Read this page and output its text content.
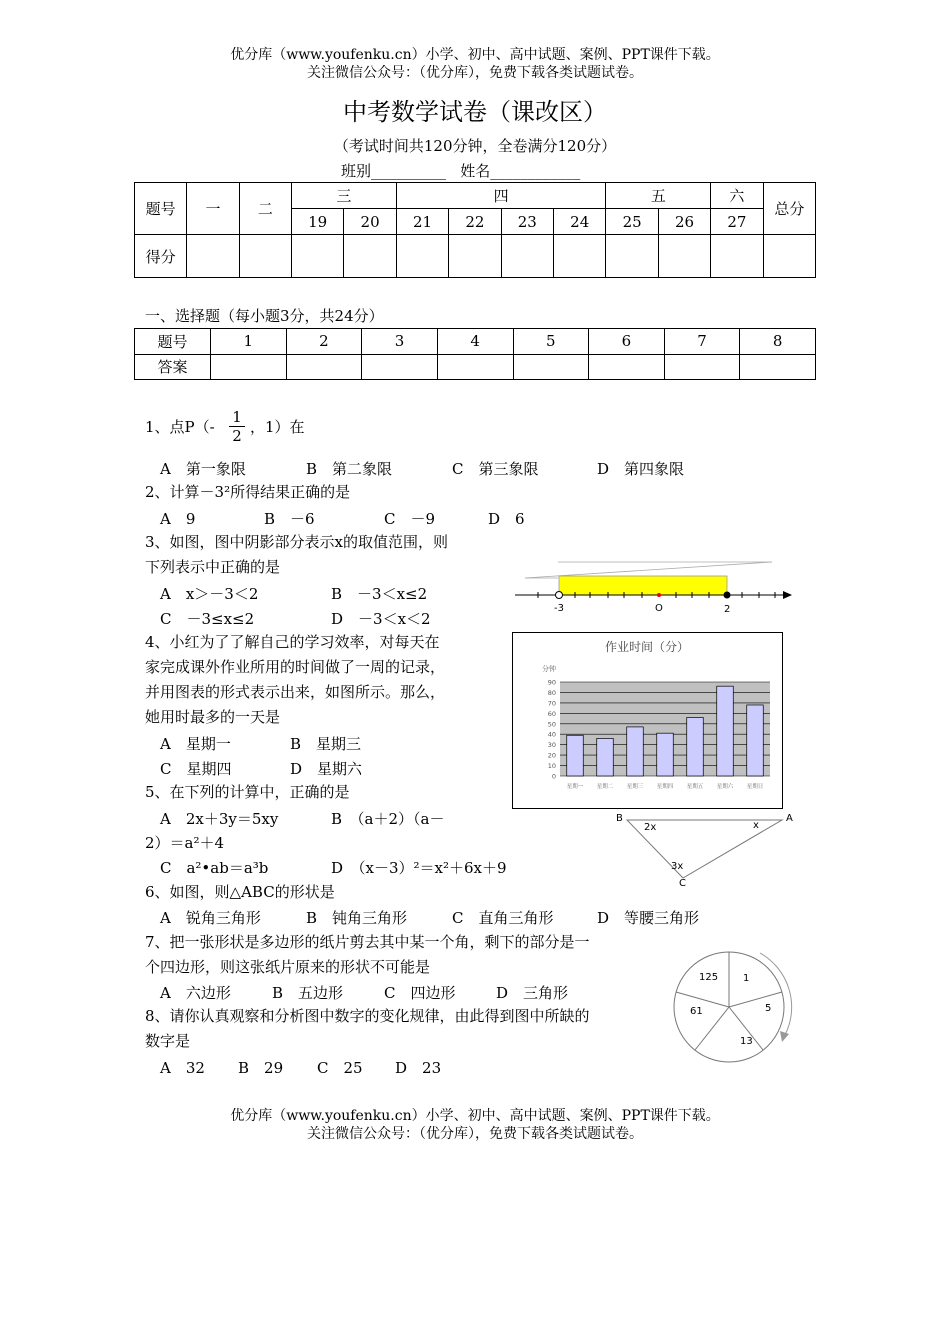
优分库（www.youfenku.cn）小学、初中、高中试题、案例、PPT课件下载。
关注微信公众号：（优分库），免费下载各类试题试卷。
中考数学试卷（课改区）
（考试时间共120分钟，全卷满分120分）
班别__________   姓名____________
题号	一	二	三		四				五		六	总分
			19	20	21	22	23	24	25	26	27	
得分												
一、选择题（每小题3分，共24分）
题号	1	2	3	4	5	6	7	8
答案								
1、点P（-
1
2 ，1）在
A　第一象限	B　第二象限	C　第三象限	D　第四象限
2、计算－3²所得结果正确的是
A　9	B　－6	C　－9	D　6
3、如图，图中阴影部分表示x的取值范围，则
下列表示中正确的是
A　x＞－3＜2	B　－3＜x≤2
C　－3≤x≤2	D　－3＜x＜2
-3	O	2
4、小红为了了解自己的学习效率，对每天在
家完成课外作业所用的时间做了一周的记录，
并用图表的形式表示出来，如图所示。那么，
她用时最多的一天是
A　星期一	B　星期三
C　星期四	D　星期六
作业时间（分）
分钟
0
10
20
30
40
50
60
70
80
90
星期一 星期二 星期三 星期四 星期五 星期六 星期日
5、在下列的计算中，正确的是
A　2x＋3y＝5xy	B　（a＋2）（a－
2）＝a²＋4
C　a²•ab＝a³b	D　（x－3）²＝x²＋6x＋9
B	A
C
2x	x
3x
6、如图，则△ABC的形状是
A　锐角三角形	B　钝角三角形	C　直角三角形	D　等腰三角形
7、把一张形状是多边形的纸片剪去其中某一个角，剩下的部分是一
个四边形，则这张纸片原来的形状不可能是
A　六边形	B　五边形	C　四边形	D　三角形
8、请你认真观察和分析图中数字的变化规律，由此得到图中所缺的
数字是
A　32 B　29 C　25 D　23
1
5
13
61
125
优分库（www.youfenku.cn）小学、初中、高中试题、案例、PPT课件下载。
关注微信公众号：（优分库），免费下载各类试题试卷。
